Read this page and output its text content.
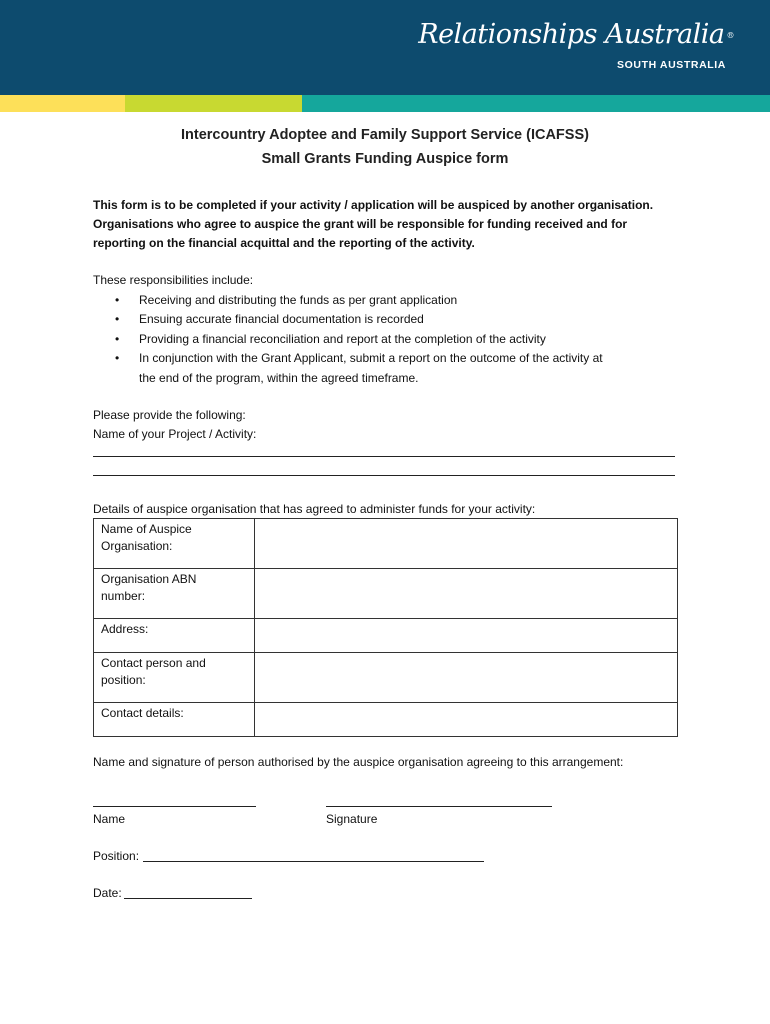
Relationships Australia ®
SOUTH AUSTRALIA
Intercountry Adoptee and Family Support Service (ICAFSS)
Small Grants Funding Auspice form
This form is to be completed if your activity / application will be auspiced by another organisation.
Organisations who agree to auspice the grant will be responsible for funding received and for
reporting on the financial acquittal and the reporting of the activity.
These responsibilities include:
• Receiving and distributing the funds as per grant application
• Ensuing accurate financial documentation is recorded
• Providing a financial reconciliation and report at the completion of the activity
• In conjunction with the Grant Applicant, submit a report on the outcome of the activity at
the end of the program, within the agreed timeframe.
Please provide the following:
Name of your Project / Activity:
Details of auspice organisation that has agreed to administer funds for your activity:
Name of Auspice
Organisation:	

Organisation ABN
number:	

Address:	

Contact person and
position:	

Contact details:	

Name and signature of person authorised by the auspice organisation agreeing to this arrangement:
Name	Signature
Position:
Date:
